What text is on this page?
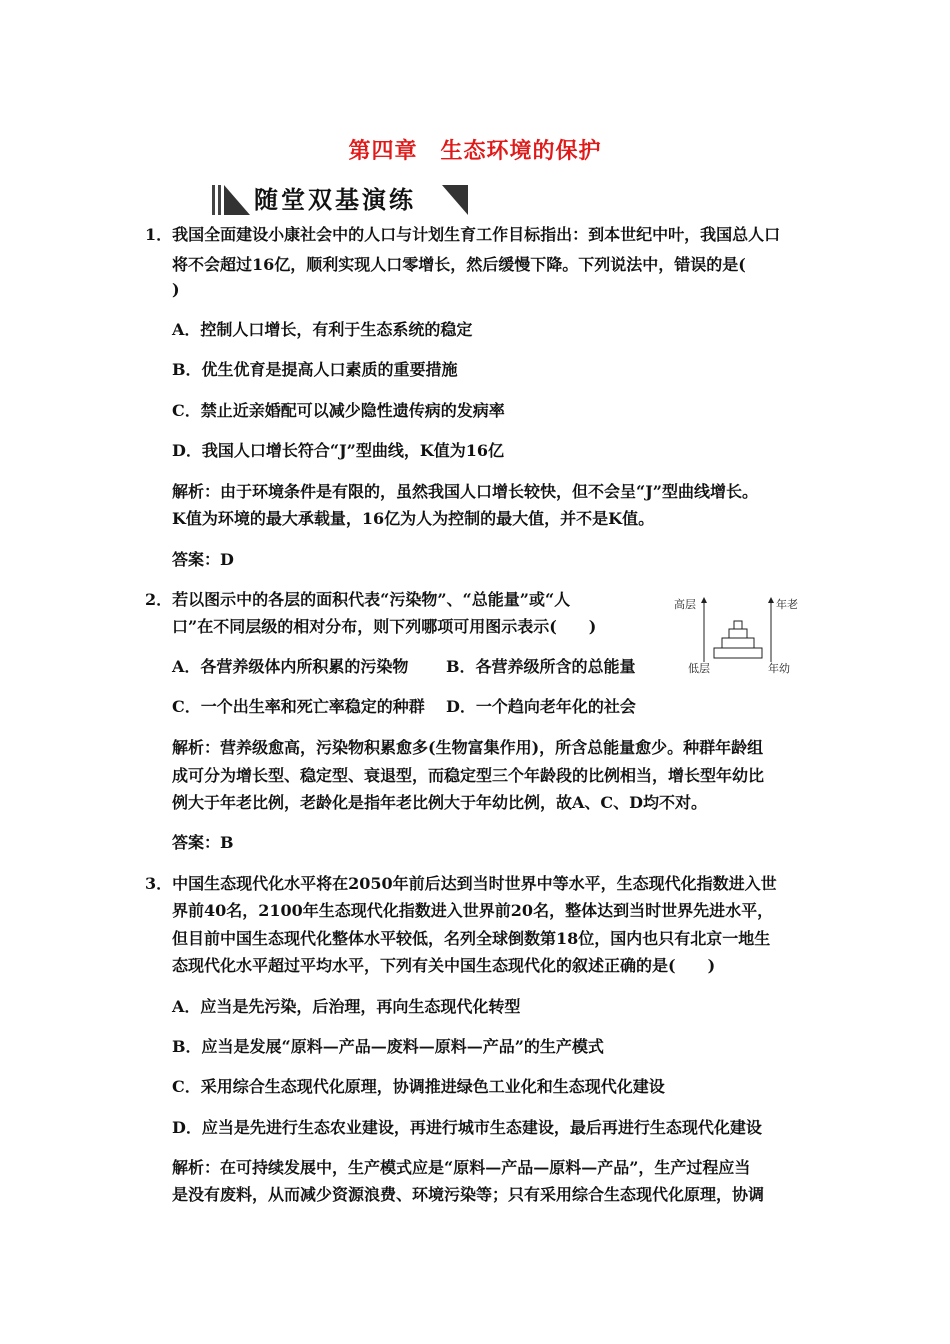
第四章　生态环境的保护
随堂双基演练
1．我国全面建设小康社会中的人口与计划生育工作目标指出：到本世纪中叶，我国总人口
将不会超过16亿，顺利实现人口零增长，然后缓慢下降。下列说法中，错误的是(
)
A．控制人口增长，有利于生态系统的稳定
B．优生优育是提高人口素质的重要措施
C．禁止近亲婚配可以减少隐性遗传病的发病率
D．我国人口增长符合“J”型曲线，K值为16亿
解析：由于环境条件是有限的，虽然我国人口增长较快，但不会呈“J”型曲线增长。
K值为环境的最大承载量，16亿为人为控制的最大值，并不是K值。
答案：D
2．若以图示中的各层的面积代表“污染物”、“总能量”或“人
口”在不同层级的相对分布，则下列哪项可用图示表示(　　)
A．各营养级体内所积累的污染物 B．各营养级所含的总能量
C．一个出生率和死亡率稳定的种群 D．一个趋向老年化的社会
高层	年老
低层	年幼
解析：营养级愈高，污染物积累愈多(生物富集作用)，所含总能量愈少。种群年龄组
成可分为增长型、稳定型、衰退型，而稳定型三个年龄段的比例相当，增长型年幼比
例大于年老比例，老龄化是指年老比例大于年幼比例，故A、C、D均不对。
答案：B
3．中国生态现代化水平将在2050年前后达到当时世界中等水平，生态现代化指数进入世
界前40名，2100年生态现代化指数进入世界前20名，整体达到当时世界先进水平，
但目前中国生态现代化整体水平较低，名列全球倒数第18位，国内也只有北京一地生
态现代化水平超过平均水平，下列有关中国生态现代化的叙述正确的是(　　)
A．应当是先污染，后治理，再向生态现代化转型
B．应当是发展“原料—产品—废料—原料—产品”的生产模式
C．采用综合生态现代化原理，协调推进绿色工业化和生态现代化建设
D．应当是先进行生态农业建设，再进行城市生态建设，最后再进行生态现代化建设
解析：在可持续发展中，生产模式应是“原料—产品—原料—产品”，生产过程应当
是没有废料，从而减少资源浪费、环境污染等；只有采用综合生态现代化原理，协调
